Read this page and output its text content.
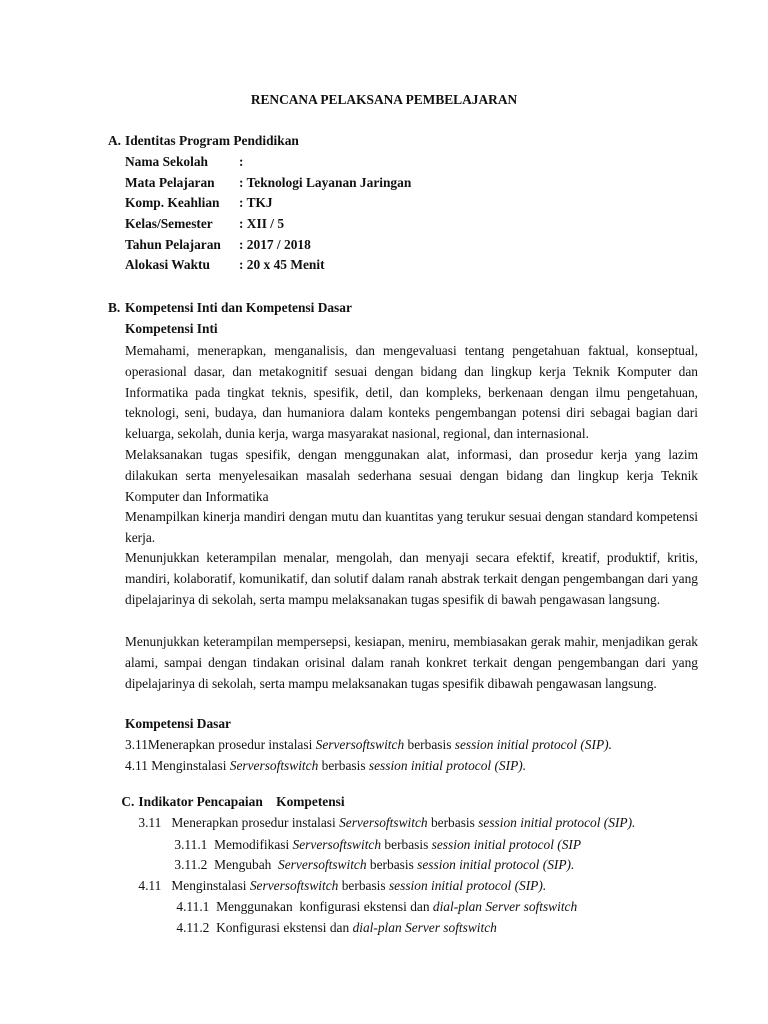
RENCANA PELAKSANA PEMBELAJARAN
A. Identitas Program Pendidikan
Nama Sekolah :
Mata Pelajaran : Teknologi Layanan Jaringan
Komp. Keahlian : TKJ
Kelas/Semester : XII / 5
Tahun Pelajaran : 2017 / 2018
Alokasi Waktu : 20 x 45 Menit
B. Kompetensi Inti dan Kompetensi Dasar
Kompetensi Inti

Memahami, menerapkan, menganalisis, dan mengevaluasi tentang pengetahuan faktual, konseptual, operasional dasar, dan metakognitif sesuai dengan bidang dan lingkup kerja Teknik Komputer dan Informatika pada tingkat teknis, spesifik, detil, dan kompleks, berkenaan dengan ilmu pengetahuan, teknologi, seni, budaya, dan humaniora dalam konteks pengembangan potensi diri sebagai bagian dari keluarga, sekolah, dunia kerja, warga masyarakat nasional, regional, dan internasional.

Melaksanakan tugas spesifik, dengan menggunakan alat, informasi, dan prosedur kerja yang lazim dilakukan serta menyelesaikan masalah sederhana sesuai dengan bidang dan lingkup kerja Teknik Komputer dan Informatika

Menampilkan kinerja mandiri dengan mutu dan kuantitas yang terukur sesuai dengan standard kompetensi kerja.

Menunjukkan keterampilan menalar, mengolah, dan menyaji secara efektif, kreatif, produktif, kritis, mandiri, kolaboratif, komunikatif, dan solutif dalam ranah abstrak terkait dengan pengembangan dari yang dipelajarinya di sekolah, serta mampu melaksanakan tugas spesifik di bawah pengawasan langsung.

Menunjukkan keterampilan mempersepsi, kesiapan, meniru, membiasakan gerak mahir, menjadikan gerak alami, sampai dengan tindakan orisinal dalam ranah konkret terkait dengan pengembangan dari yang dipelajarinya di sekolah, serta mampu melaksanakan tugas spesifik dibawah pengawasan langsung.

Kompetensi Dasar
3.11Menerapkan prosedur instalasi Serversoftswitch berbasis session initial protocol (SIP).
4.11 Menginstalasi Serversoftswitch berbasis session initial protocol (SIP).

C. Indikator Pencapaian    Kompetensi

3.11   Menerapkan prosedur instalasi Serversoftswitch berbasis session initial protocol (SIP).

3.11.1  Memodifikasi Serversoftswitch berbasis session initial protocol (SIP

3.11.2  Mengubah  Serversoftswitch berbasis session initial protocol (SIP).

4.11   Menginstalasi Serversoftswitch berbasis session initial protocol (SIP).

4.11.1  Menggunakan  konfigurasi ekstensi dan dial-plan Server softswitch

4.11.2  Konfigurasi ekstensi dan dial-plan Server softswitch
